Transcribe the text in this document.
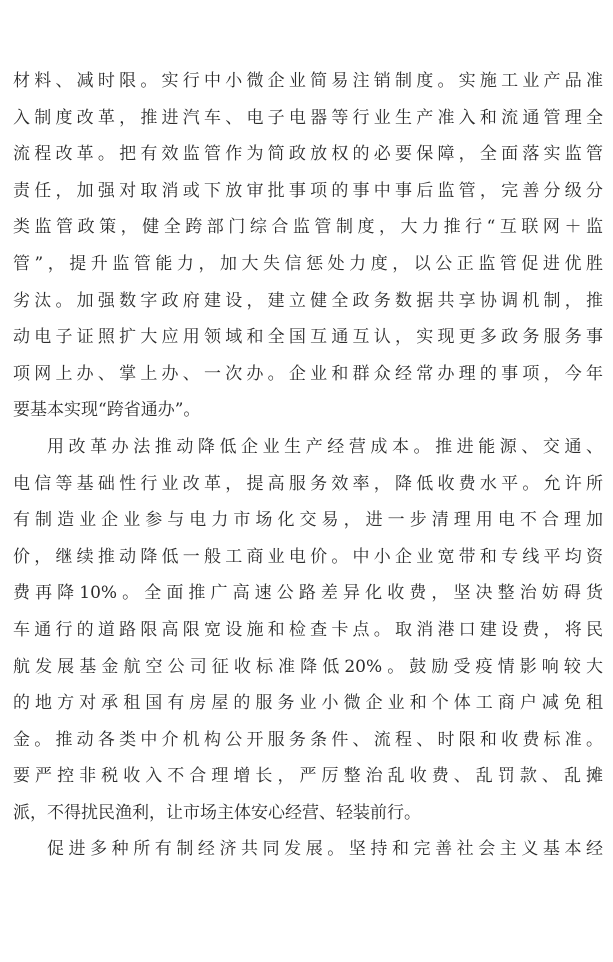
材料、减时限。实行中小微企业简易注销制度。实施工业产品准
入制度改革，推进汽车、电子电器等行业生产准入和流通管理全
流程改革。把有效监管作为简政放权的必要保障，全面落实监管
责任，加强对取消或下放审批事项的事中事后监管，完善分级分
类监管政策，健全跨部门综合监管制度，大力推行“互联网＋监
管”，提升监管能力，加大失信惩处力度，以公正监管促进优胜
劣汰。加强数字政府建设，建立健全政务数据共享协调机制，推
动电子证照扩大应用领域和全国互通互认，实现更多政务服务事
项网上办、掌上办、一次办。企业和群众经常办理的事项，今年
要基本实现“跨省通办”。
用改革办法推动降低企业生产经营成本。推进能源、交通、
电信等基础性行业改革，提高服务效率，降低收费水平。允许所
有制造业企业参与电力市场化交易，进一步清理用电不合理加
价，继续推动降低一般工商业电价。中小企业宽带和专线平均资
费再降10%。全面推广高速公路差异化收费，坚决整治妨碍货
车通行的道路限高限宽设施和检查卡点。取消港口建设费，将民
航发展基金航空公司征收标准降低20%。鼓励受疫情影响较大
的地方对承租国有房屋的服务业小微企业和个体工商户减免租
金。推动各类中介机构公开服务条件、流程、时限和收费标准。
要严控非税收入不合理增长，严厉整治乱收费、乱罚款、乱摊
派，不得扰民渔利，让市场主体安心经营、轻装前行。
促进多种所有制经济共同发展。坚持和完善社会主义基本经
